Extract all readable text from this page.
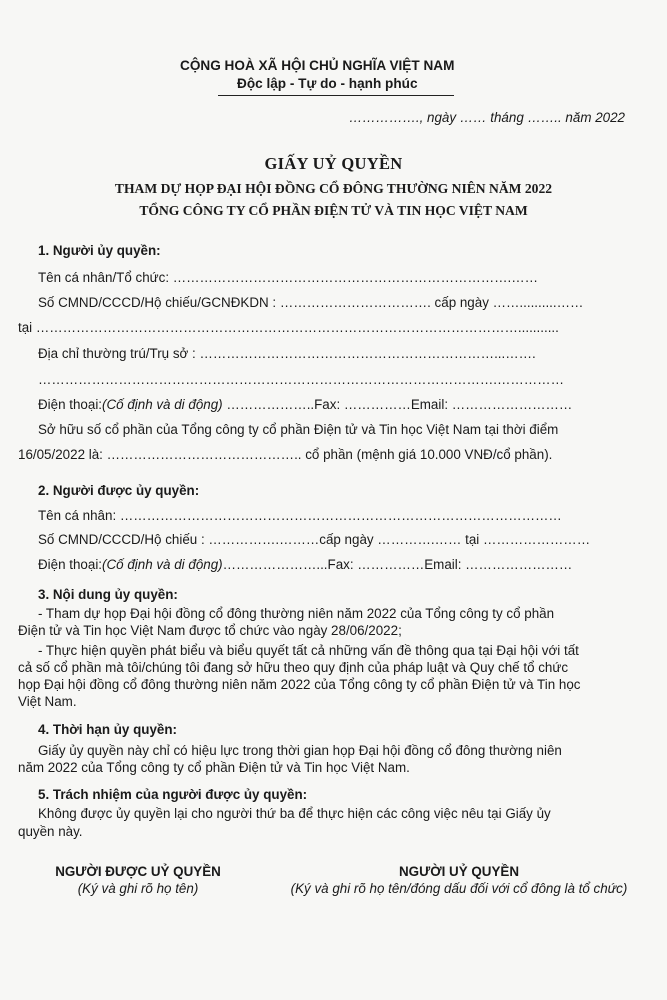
CỘNG HOÀ XÃ HỘI CHỦ NGHĨA VIỆT NAM
Độc lập - Tự do - hạnh phúc
……………., ngày …… tháng …….. năm 2022
GIẤY UỶ QUYỀN
THAM DỰ HỌP ĐẠI HỘI ĐỒNG CỔ ĐÔNG THƯỜNG NIÊN NĂM 2022
TỔNG CÔNG TY CỔ PHẦN ĐIỆN TỬ VÀ TIN HỌC VIỆT NAM
1. Người ủy quyền:
Tên cá nhân/Tổ chức: ………………………………………………………………….……
Số CMND/CCCD/Hộ chiếu/GCNĐKDN : ……………………………. cấp ngày ……..........……
tại ………………………………………………………………………………………………...........
Địa chỉ thường trú/Trụ sở : …………………………………………………………...…….
………………………………………………………………………………………….……………
Điện thoại:(Cố định và di động) ………………..Fax: ……………Email: ………………………
Sở hữu số cổ phần của Tổng công ty cổ phần Điện tử và Tin học Việt Nam tại thời điểm
16/05/2022 là: …………………………………….. cổ phần (mệnh giá 10.000 VNĐ/cổ phần).
2. Người được ủy quyền:
Tên cá nhân: ………………………………………………………………………………………
Số CMND/CCCD/Hộ chiếu : …………….………cấp ngày ………….…… tại ……………………
Điện thoại:(Cố định và di động)…………………...Fax: ……………Email: ……………………
3. Nội dung ủy quyền:
- Tham dự họp Đại hội đồng cổ đông thường niên năm 2022 của Tổng công ty cổ phần
Điện tử và Tin học Việt Nam được tổ chức vào ngày 28/06/2022;
- Thực hiện quyền phát biểu và biểu quyết tất cả những vấn đề thông qua tại Đại hội với tất
cả số cổ phần mà tôi/chúng tôi đang sở hữu theo quy định của pháp luật và Quy chế tổ chức
họp Đại hội đồng cổ đông thường niên năm 2022 của Tổng công ty cổ phần Điện tử và Tin học
Việt Nam.
4. Thời hạn ủy quyền:
Giấy ủy quyền này chỉ có hiệu lực trong thời gian họp Đại hội đồng cổ đông thường niên
năm 2022 của Tổng công ty cổ phần Điện tử và Tin học Việt Nam.
5. Trách nhiệm của người được ủy quyền:
Không được ủy quyền lại cho người thứ ba để thực hiện các công việc nêu tại Giấy ủy
quyền này.
NGƯỜI ĐƯỢC UỶ QUYỀN
(Ký và ghi rõ họ tên)
NGƯỜI UỶ QUYỀN
(Ký và ghi rõ họ tên/đóng dấu đối với cổ đông là tổ chức)
